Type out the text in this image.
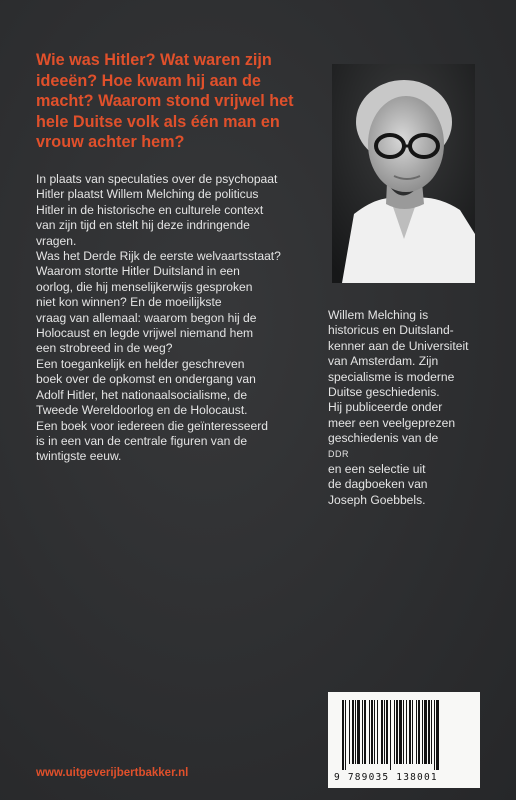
Wie was Hitler? Wat waren zijn
ideeën? Hoe kwam hij aan de
macht? Waarom stond vrijwel het
hele Duitse volk als één man en
vrouw achter hem?
In plaats van speculaties over de psychopaat
Hitler plaatst Willem Melching de politicus
Hitler in de historische en culturele context
van zijn tijd en stelt hij deze indringende
vragen.
Was het Derde Rijk de eerste welvaartsstaat?
Waarom stortte Hitler Duitsland in een
oorlog, die hij menselijkerwijs gesproken
niet kon winnen? En de moeilijkste
vraag van allemaal: waarom begon hij de
Holocaust en legde vrijwel niemand hem
een strobreed in de weg?
Een toegankelijk en helder geschreven
boek over de opkomst en ondergang van
Adolf Hitler, het nationaalsocialisme, de
Tweede Wereldoorlog en de Holocaust.
Een boek voor iedereen die geïnteresseerd
is in een van de centrale figuren van de
twintigste eeuw.
Willem Melching is
historicus en Duitsland-
kenner aan de Universiteit
van Amsterdam. Zijn
specialisme is moderne
Duitse geschiedenis.
Hij publiceerde onder
meer een veelgeprezen
geschiedenis van de
DDR
en een selectie uit
de dagboeken van
Joseph Goebbels.
9 789035 138001
www.uitgeverijbertbakker.nl
